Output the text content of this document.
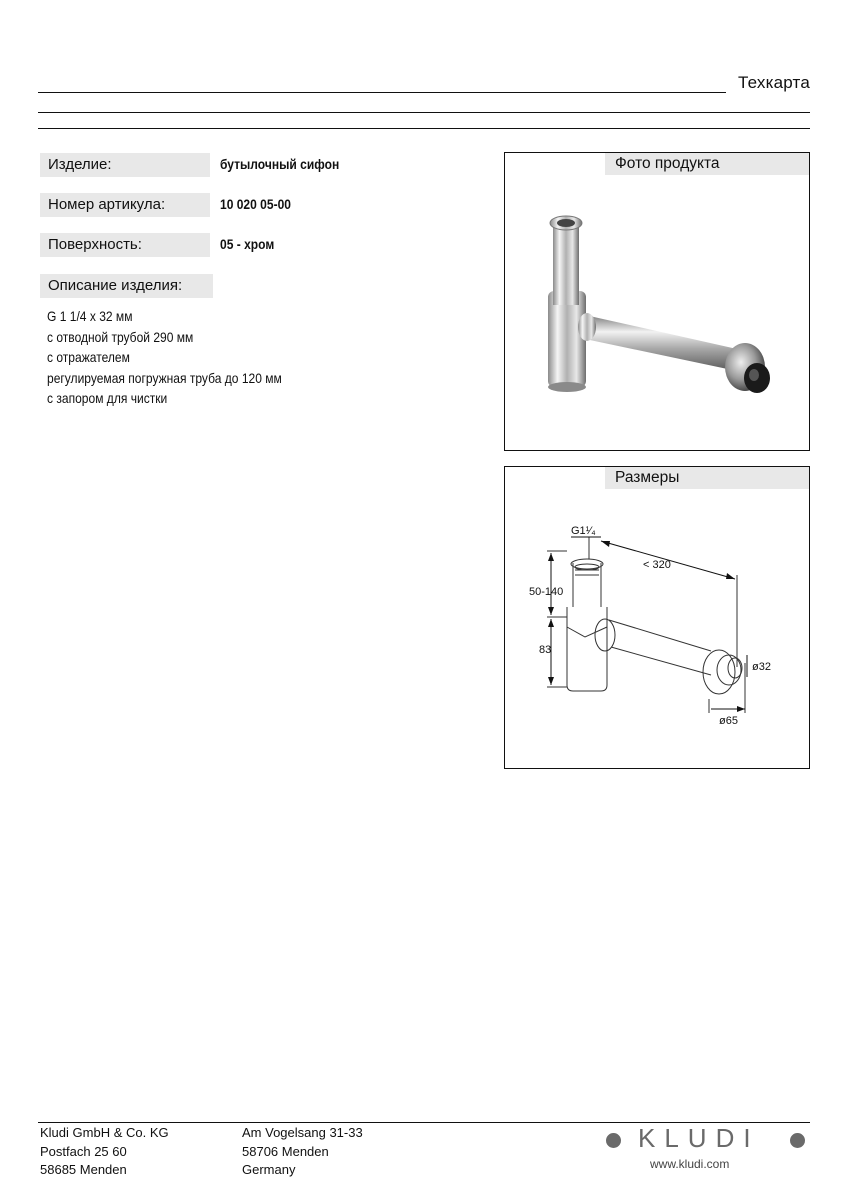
Техкарта
Изделие:	бутылочный сифон
Номер артикула:	10 020 05-00
Поверхность:	05 - хром
Описание изделия:
G 1 1/4 x 32 мм
с отводной трубой 290 мм
с отражателем
регулируемая погружная труба до 120 мм
с запором для чистки
Фото продукта
Размеры
G1¹⁄₄
< 320
50-140
83
ø32
ø65
Kludi GmbH & Co. KG
Postfach 25 60
58685 Menden
Am Vogelsang 31-33
58706 Menden
Germany
KLUDI
www.kludi.com
